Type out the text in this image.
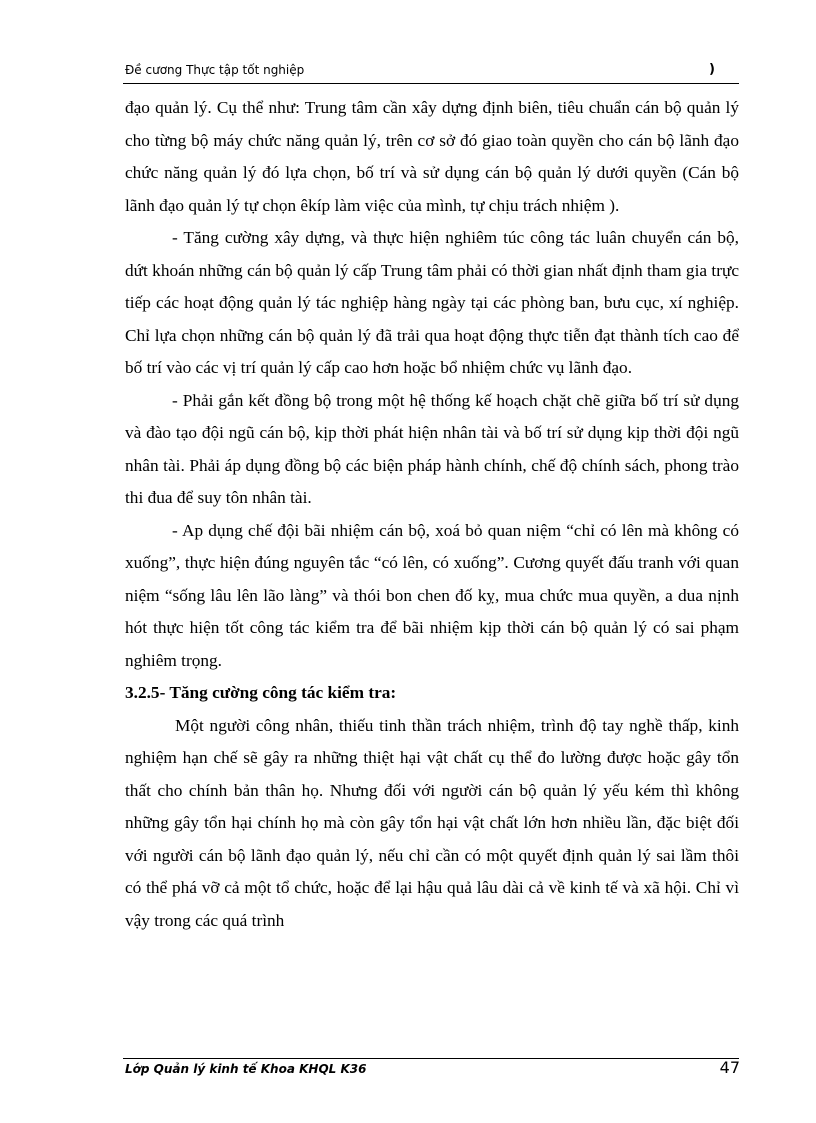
Đề cương Thực tập tốt nghiệp	)

đạo quản lý. Cụ thể như: Trung tâm cần xây dựng định biên, tiêu chuẩn cán bộ quản lý cho từng bộ máy chức năng quản lý, trên cơ sở đó giao toàn quyền cho cán bộ lãnh đạo chức năng quản lý đó lựa chọn, bố trí và sử dụng cán bộ quản lý dưới quyền (Cán bộ lãnh đạo quản lý tự chọn êkíp làm việc của mình, tự chịu trách nhiệm ).

- Tăng cường xây dựng, và thực hiện nghiêm túc công tác luân chuyển cán bộ, dứt khoán những cán bộ quản lý cấp Trung tâm phải có thời gian nhất định tham gia trực tiếp các hoạt động quản lý tác nghiệp hàng ngày tại các phòng ban, bưu cục, xí nghiệp. Chỉ lựa chọn những cán bộ quản lý đã trải qua hoạt động thực tiễn đạt thành tích cao để bố trí vào các vị trí quản lý cấp cao hơn hoặc bổ nhiệm chức vụ lãnh đạo.

- Phải gắn kết đồng bộ trong một hệ thống kế hoạch chặt chẽ giữa bố trí sử dụng và đào tạo đội ngũ cán bộ, kịp thời phát hiện nhân tài và bố trí sử dụng kịp thời đội ngũ nhân tài. Phải áp dụng đồng bộ các biện pháp hành chính, chế độ chính sách, phong trào thi đua để suy tôn nhân tài.

- Ap dụng chế đội bãi nhiệm cán bộ, xoá bỏ quan niệm “chỉ có lên mà không có xuống”, thực hiện đúng nguyên tắc “có lên, có xuống”. Cương quyết đấu tranh với quan niệm “sống lâu lên lão làng” và thói bon chen đố kỵ, mua chức mua quyền, a dua nịnh hót thực hiện tốt công tác kiểm tra để bãi nhiệm kịp thời cán bộ quản lý có sai phạm nghiêm trọng.

3.2.5- Tăng cường công tác kiểm tra:

Một người công nhân, thiếu tinh thần trách nhiệm, trình độ tay nghề thấp, kinh nghiệm hạn chế sẽ gây ra những thiệt hại vật chất cụ thể đo lường được hoặc gây tổn thất cho chính bản thân họ. Nhưng đối với người cán bộ quản lý yếu kém thì không những gây tổn hại chính họ mà còn gây tổn hại vật chất lớn hơn nhiều lần, đặc biệt đối với người cán bộ lãnh đạo quản lý, nếu chỉ cần có một quyết định quản lý sai lầm thôi có thể phá vỡ cả một tổ chức, hoặc để lại hậu quả lâu dài cả về kinh tế và xã hội. Chỉ vì vậy trong các quá trình

Lớp Quản lý kinh tế Khoa KHQL K36	47
